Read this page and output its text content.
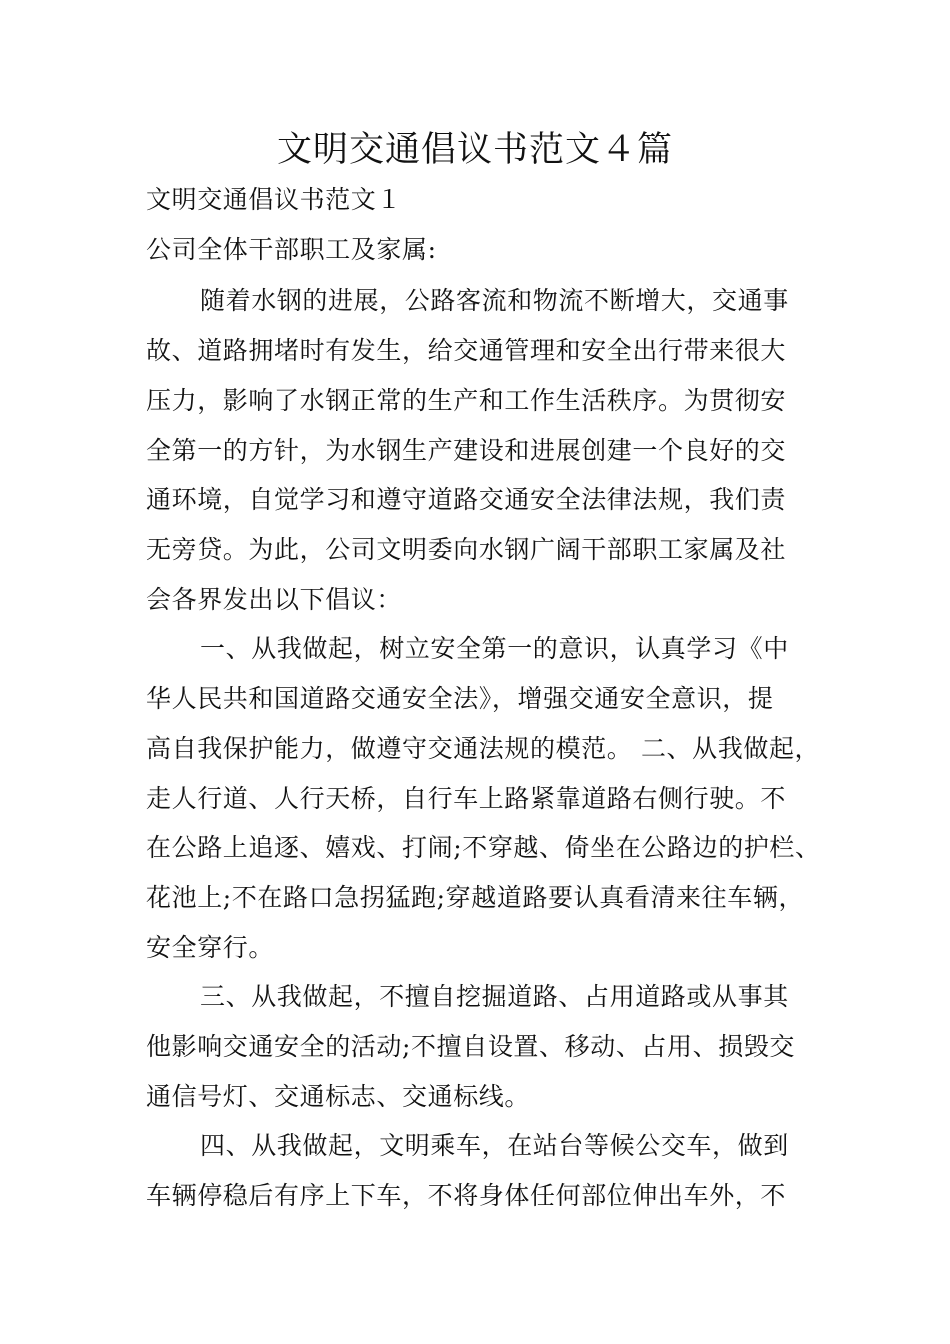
文明交通倡议书范文４篇
文明交通倡议书范文１
公司全体干部职工及家属:
随着水钢的进展，公路客流和物流不断增大，交通事
故、道路拥堵时有发生，给交通管理和安全出行带来很大
压力，影响了水钢正常的生产和工作生活秩序。为贯彻安
全第一的方针，为水钢生产建设和进展创建一个良好的交
通环境，自觉学习和遵守道路交通安全法律法规，我们责
无旁贷。为此，公司文明委向水钢广阔干部职工家属及社
会各界发出以下倡议：
一、从我做起，树立安全第一的意识，认真学习《中
华人民共和国道路交通安全法》，增强交通安全意识，提
高自我保护能力，做遵守交通法规的模范。 二、从我做起，
走人行道、人行天桥，自行车上路紧靠道路右侧行驶。不
在公路上追逐、嬉戏、打闹;不穿越、倚坐在公路边的护栏、
花池上;不在路口急拐猛跑;穿越道路要认真看清来往车辆，
安全穿行。
三、从我做起，不擅自挖掘道路、占用道路或从事其
他影响交通安全的活动;不擅自设置、移动、占用、损毁交
通信号灯、交通标志、交通标线。
四、从我做起，文明乘车，在站台等候公交车，做到
车辆停稳后有序上下车，不将身体任何部位伸出车外，不
